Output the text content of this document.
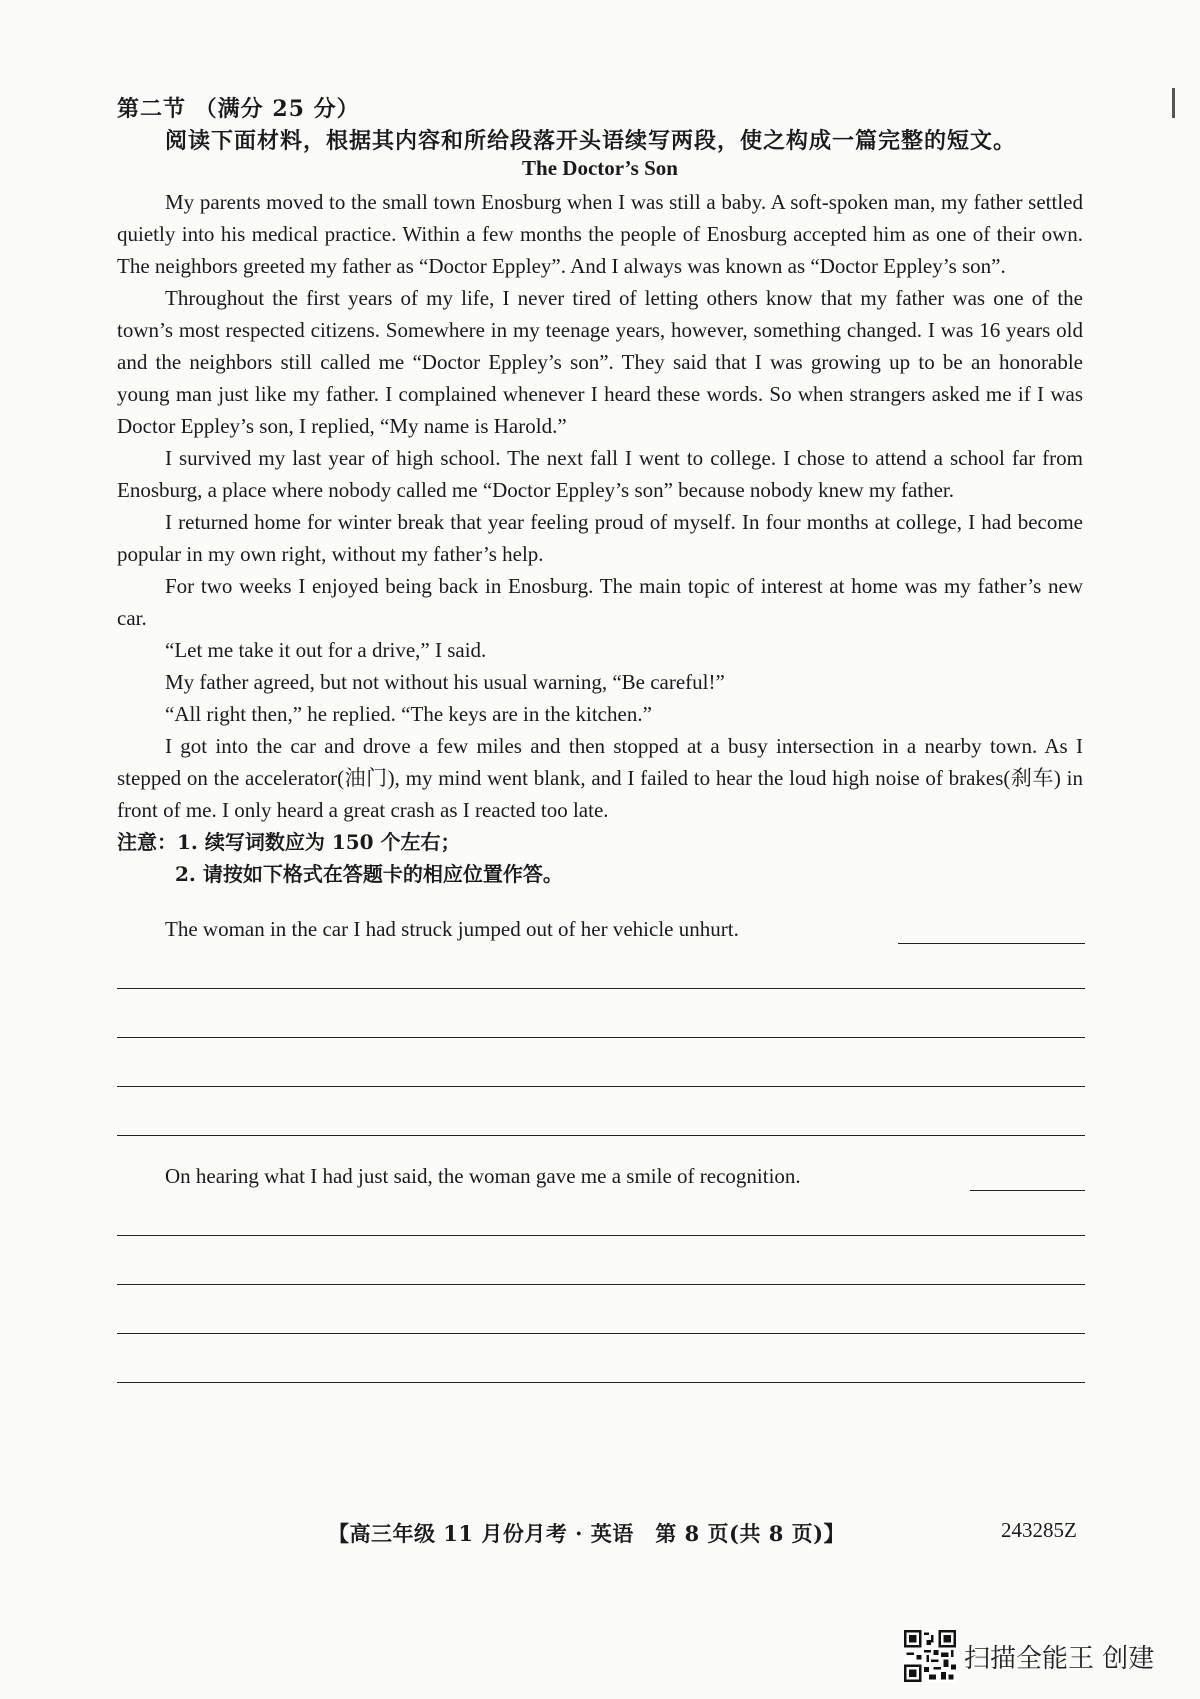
第二节 （满分 25 分）
阅读下面材料，根据其内容和所给段落开头语续写两段，使之构成一篇完整的短文。
The Doctor’s Son

My parents moved to the small town Enosburg when I was still a baby. A soft-spoken man, my father settled quietly into his medical practice. Within a few months the people of Enosburg accepted him as one of their own. The neighbors greeted my father as “Doctor Eppley”. And I always was known as “Doctor Eppley’s son”.

Throughout the first years of my life, I never tired of letting others know that my father was one of the town’s most respected citizens. Somewhere in my teenage years, however, something changed. I was 16 years old and the neighbors still called me “Doctor Eppley’s son”. They said that I was growing up to be an honorable young man just like my father. I complained whenever I heard these words. So when strangers asked me if I was Doctor Eppley’s son, I replied, “My name is Harold.”

I survived my last year of high school. The next fall I went to college. I chose to attend a school far from Enosburg, a place where nobody called me “Doctor Eppley’s son” because nobody knew my father.

I returned home for winter break that year feeling proud of myself. In four months at college, I had become popular in my own right, without my father’s help.

For two weeks I enjoyed being back in Enosburg. The main topic of interest at home was my father’s new car.

“Let me take it out for a drive,” I said.

My father agreed, but not without his usual warning, “Be careful!”

“All right then,” he replied. “The keys are in the kitchen.”

I got into the car and drove a few miles and then stopped at a busy intersection in a nearby town. As I stepped on the accelerator(油门), my mind went blank, and I failed to hear the loud high noise of brakes(刹车) in front of me. I only heard a great crash as I reacted too late.

注意：1. 续写词数应为 150 个左右；

2. 请按如下格式在答题卡的相应位置作答。

The woman in the car I had struck jumped out of her vehicle unhurt.
On hearing what I had just said, the woman gave me a smile of recognition.
【高三年级 11 月份月考 · 英语　第 8 页(共 8 页)】	243285Z
扫描全能王 创建
